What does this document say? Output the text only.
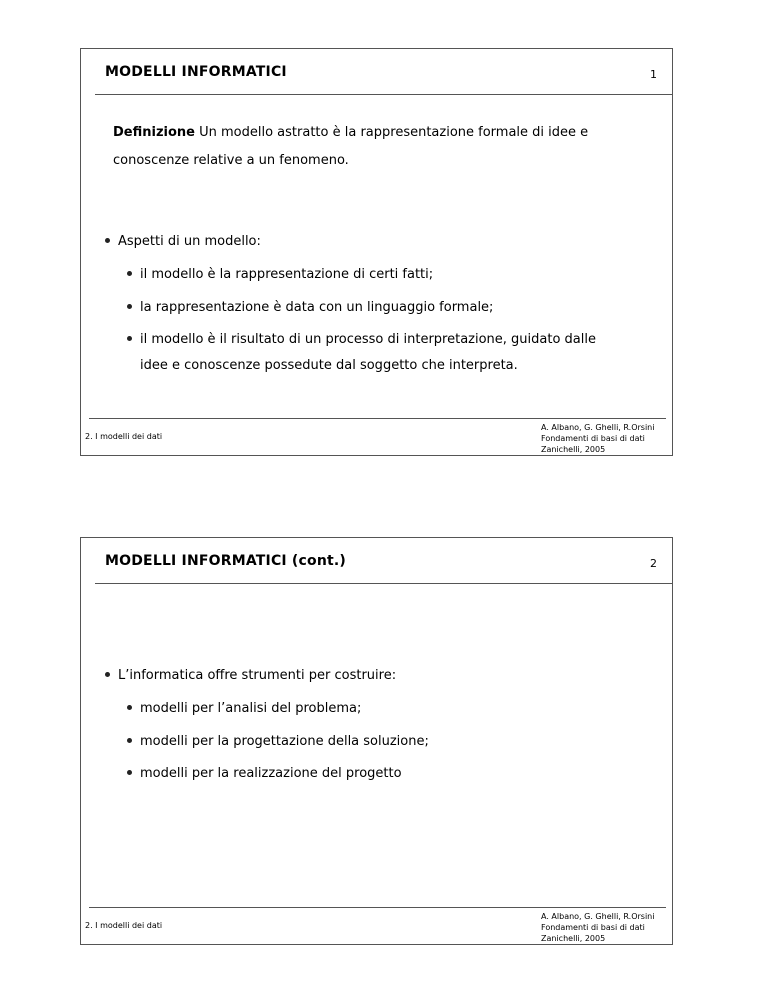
MODELLI INFORMATICI	1
Definizione Un modello astratto è la rappresentazione formale di idee e
conoscenze relative a un fenomeno.
Aspetti di un modello:
il modello è la rappresentazione di certi fatti;
la rappresentazione è data con un linguaggio formale;
il modello è il risultato di un processo di interpretazione, guidato dalle
idee e conoscenze possedute dal soggetto che interpreta.
2. I modelli dei dati
A. Albano, G. Ghelli, R.Orsini
Fondamenti di basi di dati
Zanichelli, 2005
MODELLI INFORMATICI (cont.)	2
L’informatica offre strumenti per costruire:
modelli per l’analisi del problema;
modelli per la progettazione della soluzione;
modelli per la realizzazione del progetto
2. I modelli dei dati
A. Albano, G. Ghelli, R.Orsini
Fondamenti di basi di dati
Zanichelli, 2005
